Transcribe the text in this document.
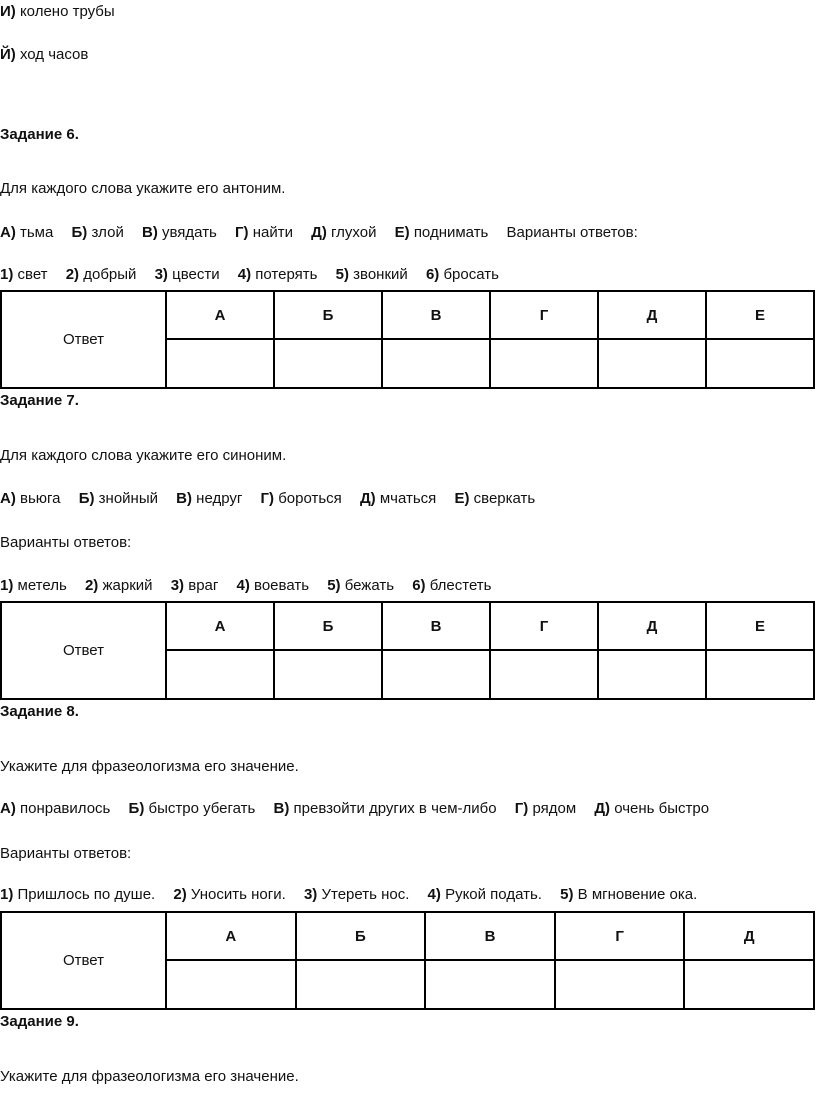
И) колено трубы
Й) ход часов
Задание 6.
Для каждого слова укажите его антоним.
А) тьма Б) злой В) увядать Г) найти Д) глухой Е) поднимать Варианты ответов:
1) свет 2) добрый 3) цвести 4) потерять 5) звонкий 6) бросать
Ответ	А	Б	В	Г	Д	Е

Задание 7.
Для каждого слова укажите его синоним.
А) вьюга Б) знойный В) недруг Г) бороться Д) мчаться Е) сверкать
Варианты ответов:
1) метель 2) жаркий 3) враг 4) воевать 5) бежать 6) блестеть
Ответ	А	Б	В	Г	Д	Е

Задание 8.
Укажите для фразеологизма его значение.
А) понравилось Б) быстро убегать В) превзойти других в чем-либо Г) рядом Д) очень быстро
Варианты ответов:
1) Пришлось по душе. 2) Уносить ноги. 3) Утереть нос. 4) Рукой подать. 5) В мгновение ока.
Ответ	А	Б	В	Г	Д

Задание 9.
Укажите для фразеологизма его значение.
